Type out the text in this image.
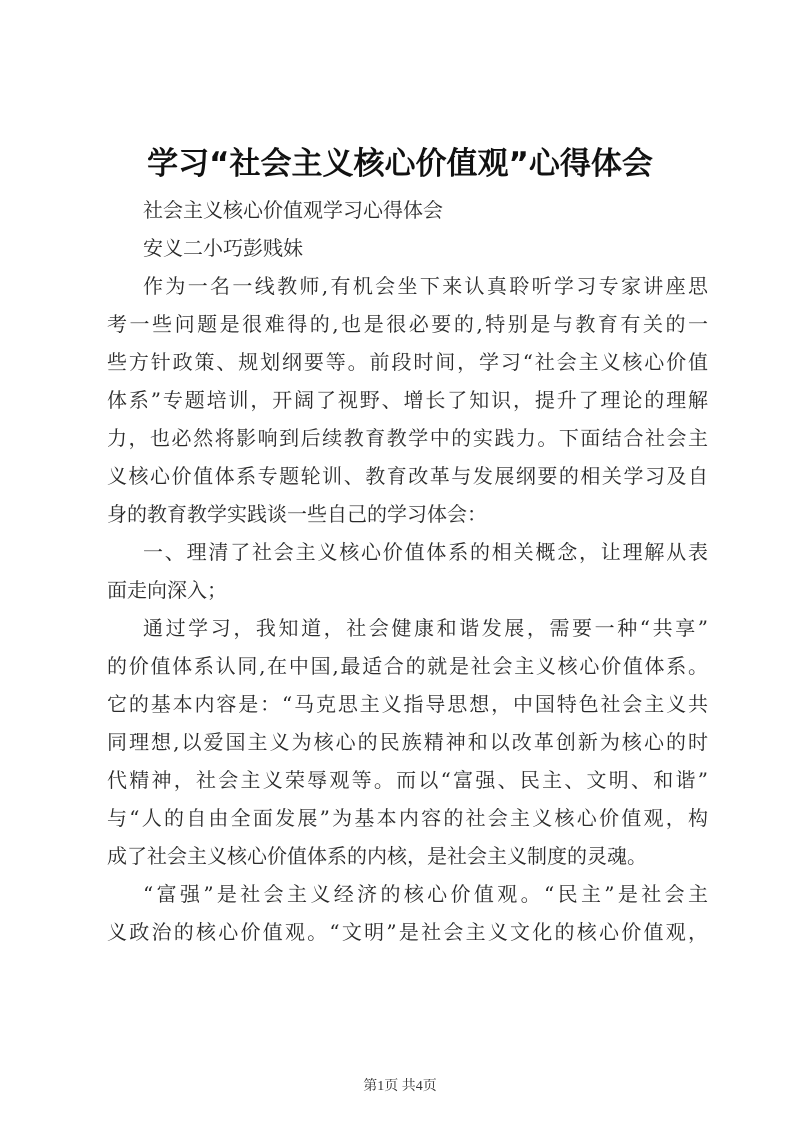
学习“社会主义核心价值观”心得体会
社会主义核心价值观学习心得体会
安义二小巧彭贱妹
作为一名一线教师,有机会坐下来认真聆听学习专家讲座思
考一些问题是很难得的,也是很必要的,特别是与教育有关的一
些方针政策、规划纲要等。前段时间，学习“社会主义核心价值
体系”专题培训，开阔了视野、增长了知识，提升了理论的理解
力，也必然将影响到后续教育教学中的实践力。下面结合社会主
义核心价值体系专题轮训、教育改革与发展纲要的相关学习及自
身的教育教学实践谈一些自己的学习体会：
一、理清了社会主义核心价值体系的相关概念，让理解从表
面走向深入；
通过学习，我知道，社会健康和谐发展，需要一种“共享”
的价值体系认同,在中国,最适合的就是社会主义核心价值体系。
它的基本内容是：“马克思主义指导思想，中国特色社会主义共
同理想,以爱国主义为核心的民族精神和以改革创新为核心的时
代精神，社会主义荣辱观等。而以“富强、民主、文明、和谐”
与“人的自由全面发展”为基本内容的社会主义核心价值观，构
成了社会主义核心价值体系的内核，是社会主义制度的灵魂。
“富强”是社会主义经济的核心价值观。“民主”是社会主
义政治的核心价值观。“文明”是社会主义文化的核心价值观，
第1页 共4页
